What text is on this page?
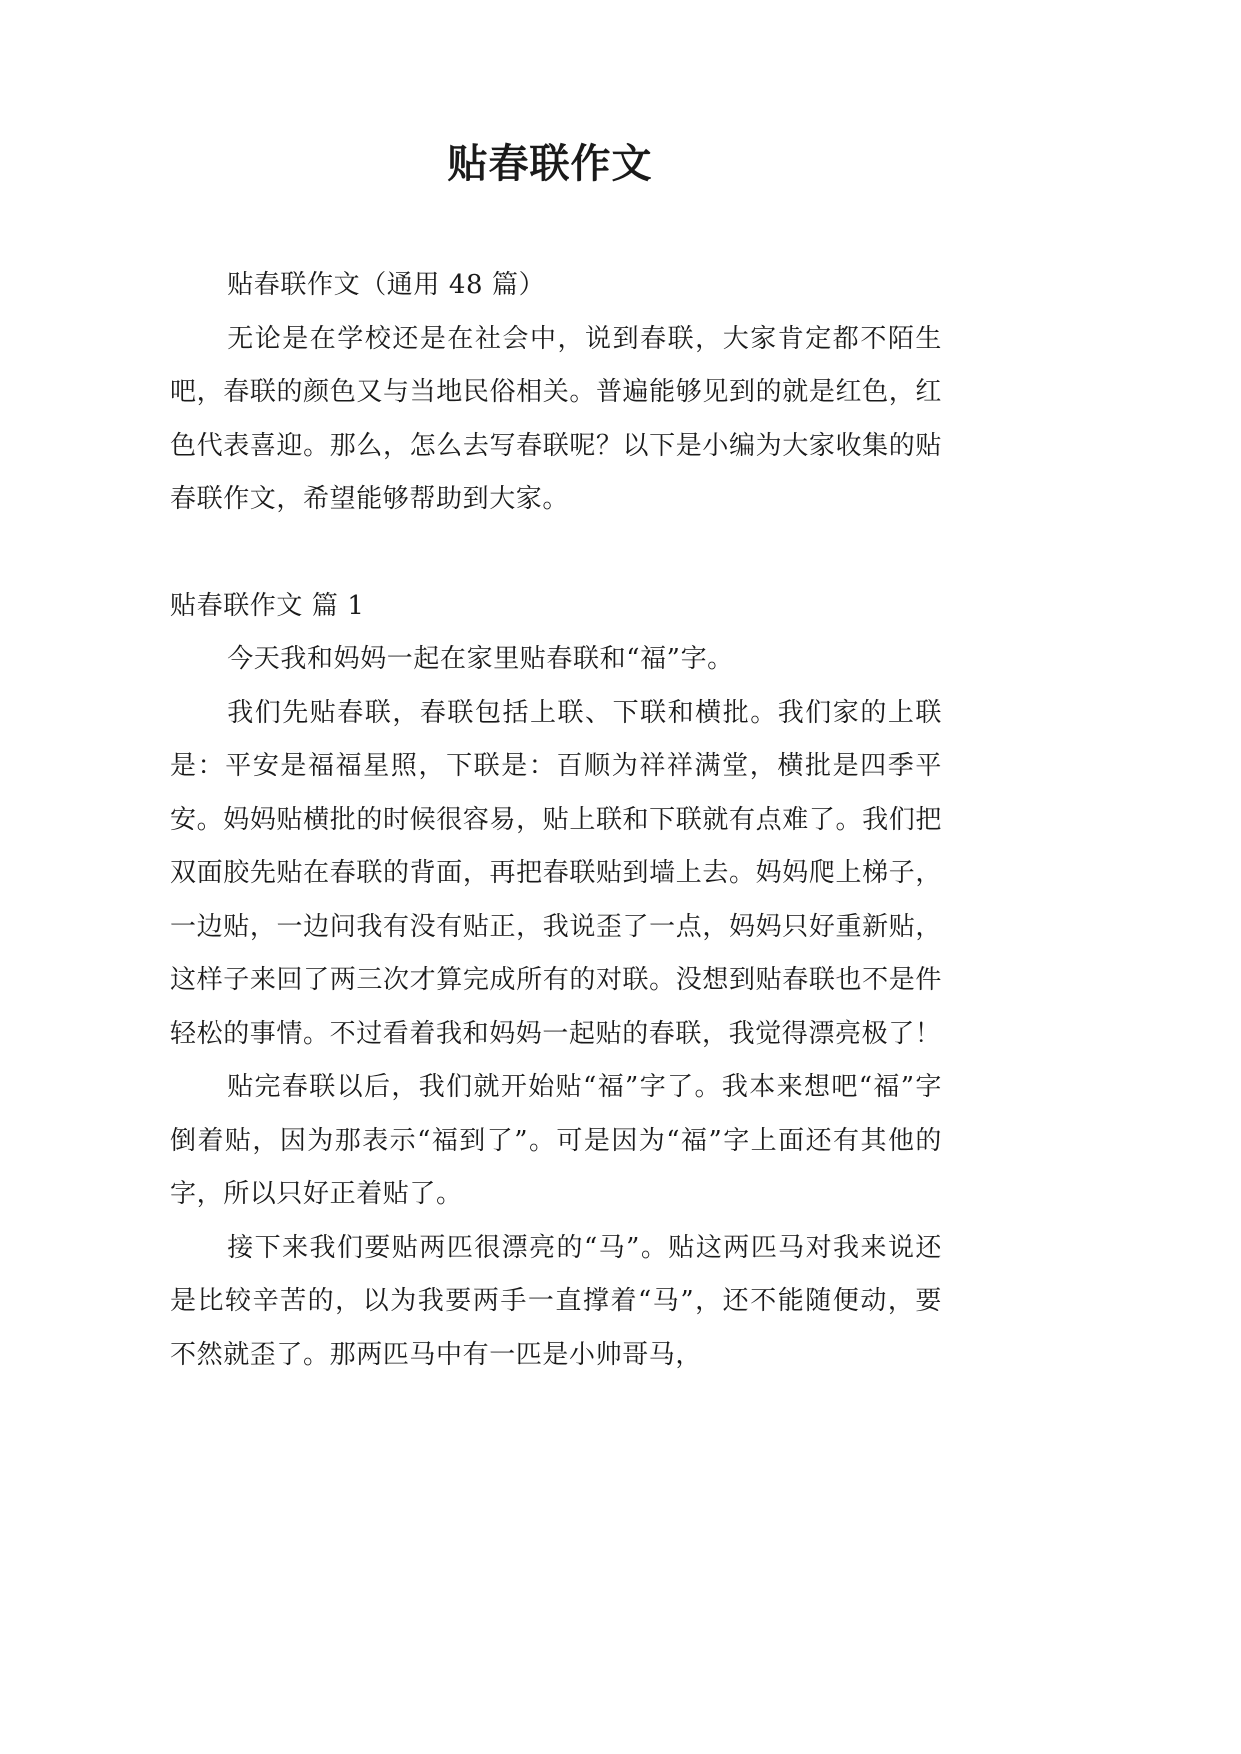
贴春联作文

贴春联作文（通用 48 篇）

无论是在学校还是在社会中，说到春联，大家肯定都不陌生吧，春联的颜色又与当地民俗相关。普遍能够见到的就是红色，红色代表喜迎。那么，怎么去写春联呢？以下是小编为大家收集的贴春联作文，希望能够帮助到大家。

贴春联作文 篇 1

今天我和妈妈一起在家里贴春联和“福”字。

我们先贴春联，春联包括上联、下联和横批。我们家的上联是：平安是福福星照，下联是：百顺为祥祥满堂，横批是四季平安。妈妈贴横批的时候很容易，贴上联和下联就有点难了。我们把双面胶先贴在春联的背面，再把春联贴到墙上去。妈妈爬上梯子，一边贴，一边问我有没有贴正，我说歪了一点，妈妈只好重新贴，这样子来回了两三次才算完成所有的对联。没想到贴春联也不是件轻松的事情。不过看着我和妈妈一起贴的春联，我觉得漂亮极了！

贴完春联以后，我们就开始贴“福”字了。我本来想吧“福”字倒着贴，因为那表示“福到了”。可是因为“福”字上面还有其他的字，所以只好正着贴了。

接下来我们要贴两匹很漂亮的“马”。贴这两匹马对我来说还是比较辛苦的，以为我要两手一直撑着“马”，还不能随便动，要不然就歪了。那两匹马中有一匹是小帅哥马，
